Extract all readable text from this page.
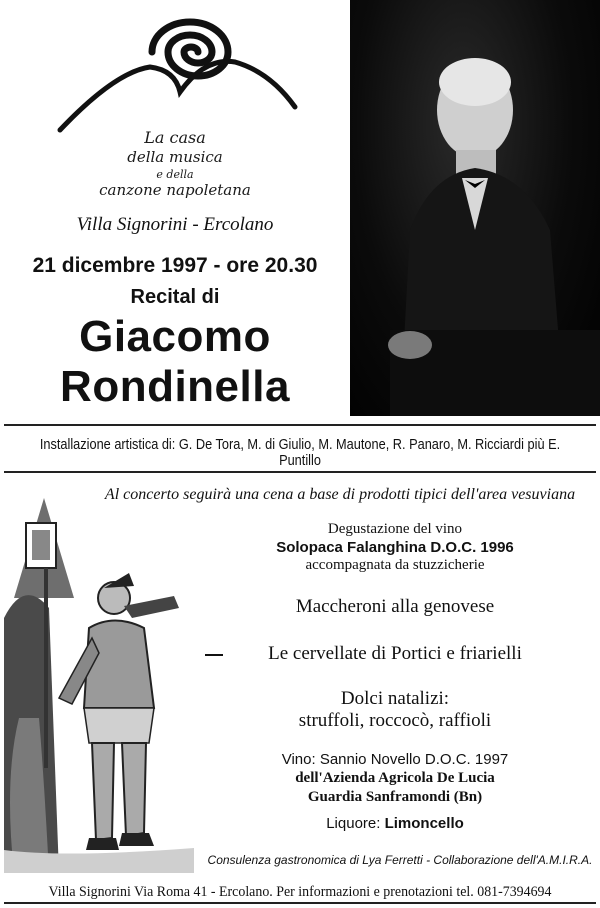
La casa
della musica
e della
canzone napoletana
Villa Signorini - Ercolano
21 dicembre 1997 - ore 20.30
Recital di
Giacomo
Rondinella
Installazione artistica di: G. De Tora, M. di Giulio, M. Mautone, R. Panaro, M. Ricciardi più E. Puntillo
Al concerto seguirà una cena a base di prodotti tipici dell'area vesuviana
Degustazione del vino
Solopaca Falanghina D.O.C. 1996
accompagnata da stuzzicherie
Maccheroni alla genovese
Le cervellate di Portici e friarielli
Dolci natalizi:
struffoli, roccocò, raffioli
Vino: Sannio Novello D.O.C. 1997
dell'Azienda Agricola De Lucia
Guardia Sanframondi (Bn)
Liquore: Limoncello
Consulenza gastronomica di Lya Ferretti - Collaborazione dell'A.M.I.R.A.
Villa Signorini Via Roma 41 - Ercolano. Per informazioni e prenotazioni tel. 081-7394694
